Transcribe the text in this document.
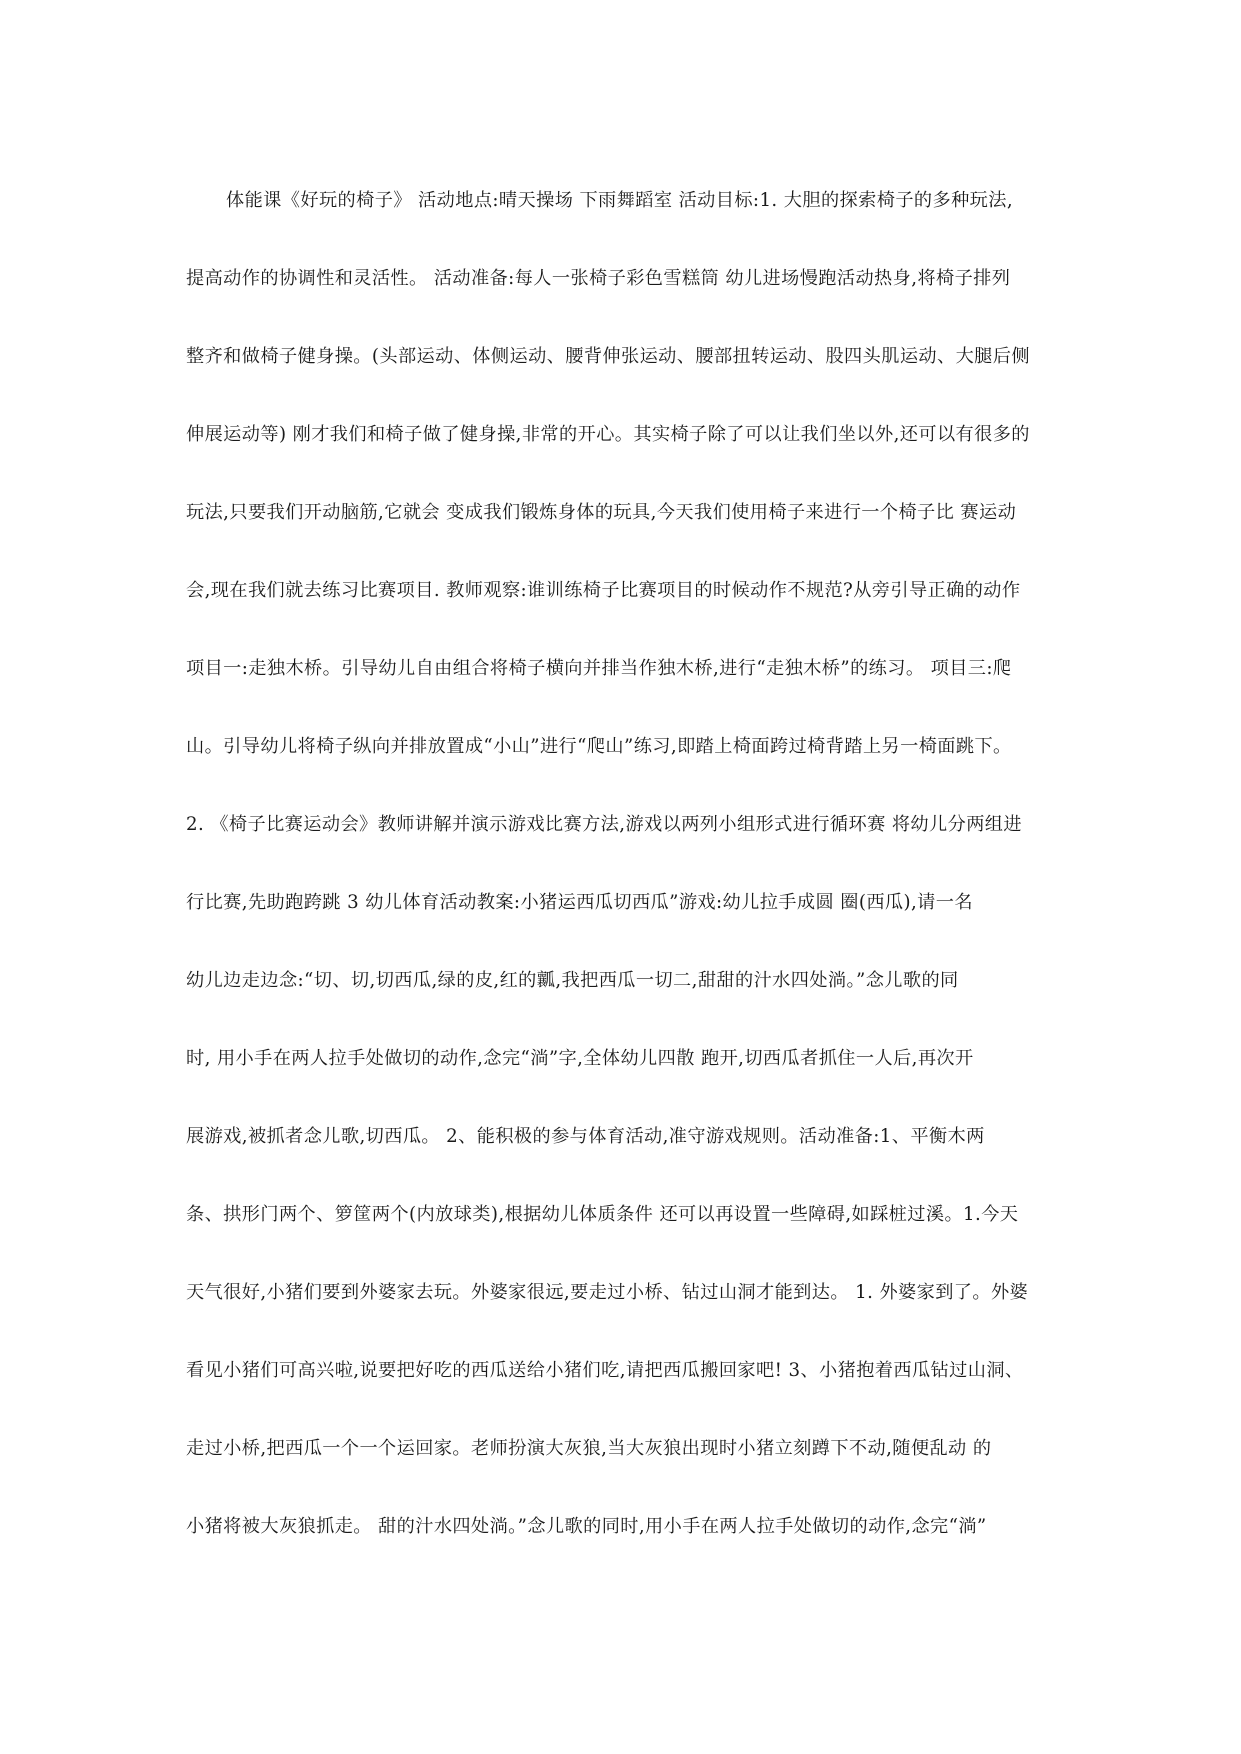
体能课《好玩的椅子》 活动地点:晴天操场 下雨舞蹈室 活动目标:1. 大胆的探索椅子的多种玩法,
提高动作的协调性和灵活性。 活动准备:每人一张椅子彩色雪糕筒 幼儿进场慢跑活动热身,将椅子排列
整齐和做椅子健身操。(头部运动、体侧运动、腰背伸张运动、腰部扭转运动、股四头肌运动、大腿后侧
伸展运动等) 刚才我们和椅子做了健身操,非常的开心。其实椅子除了可以让我们坐以外,还可以有很多的
玩法,只要我们开动脑筋,它就会 变成我们锻炼身体的玩具,今天我们使用椅子来进行一个椅子比 赛运动
会,现在我们就去练习比赛项目. 教师观察:谁训练椅子比赛项目的时候动作不规范?从旁引导正确的动作
项目一:走独木桥。引导幼儿自由组合将椅子横向并排当作独木桥,进行“走独木桥”的练习。 项目三:爬
山。引导幼儿将椅子纵向并排放置成“小山”进行“爬山”练习,即踏上椅面跨过椅背踏上另一椅面跳下。
2. 《椅子比赛运动会》教师讲解并演示游戏比赛方法,游戏以两列小组形式进行循环赛 将幼儿分两组进
行比赛,先助跑跨跳 3 幼儿体育活动教案:小猪运西瓜切西瓜”游戏:幼儿拉手成圆 圈(西瓜),请一名
幼儿边走边念:“切、切,切西瓜,绿的皮,红的瓤,我把西瓜一切二,甜甜的汁水四处淌。”念儿歌的同
时, 用小手在两人拉手处做切的动作,念完“淌”字,全体幼儿四散 跑开,切西瓜者抓住一人后,再次开
展游戏,被抓者念儿歌,切西瓜。 2、能积极的参与体育活动,准守游戏规则。活动准备:1、平衡木两
条、拱形门两个、箩筐两个(内放球类),根据幼儿体质条件 还可以再设置一些障碍,如踩桩过溪。1.今天
天气很好,小猪们要到外婆家去玩。外婆家很远,要走过小桥、钻过山洞才能到达。 1. 外婆家到了。外婆
看见小猪们可高兴啦,说要把好吃的西瓜送给小猪们吃,请把西瓜搬回家吧! 3、小猪抱着西瓜钻过山洞、
走过小桥,把西瓜一个一个运回家。老师扮演大灰狼,当大灰狼出现时小猪立刻蹲下不动,随便乱动 的
小猪将被大灰狼抓走。 甜的汁水四处淌。”念儿歌的同时,用小手在两人拉手处做切的动作,念完“淌”
